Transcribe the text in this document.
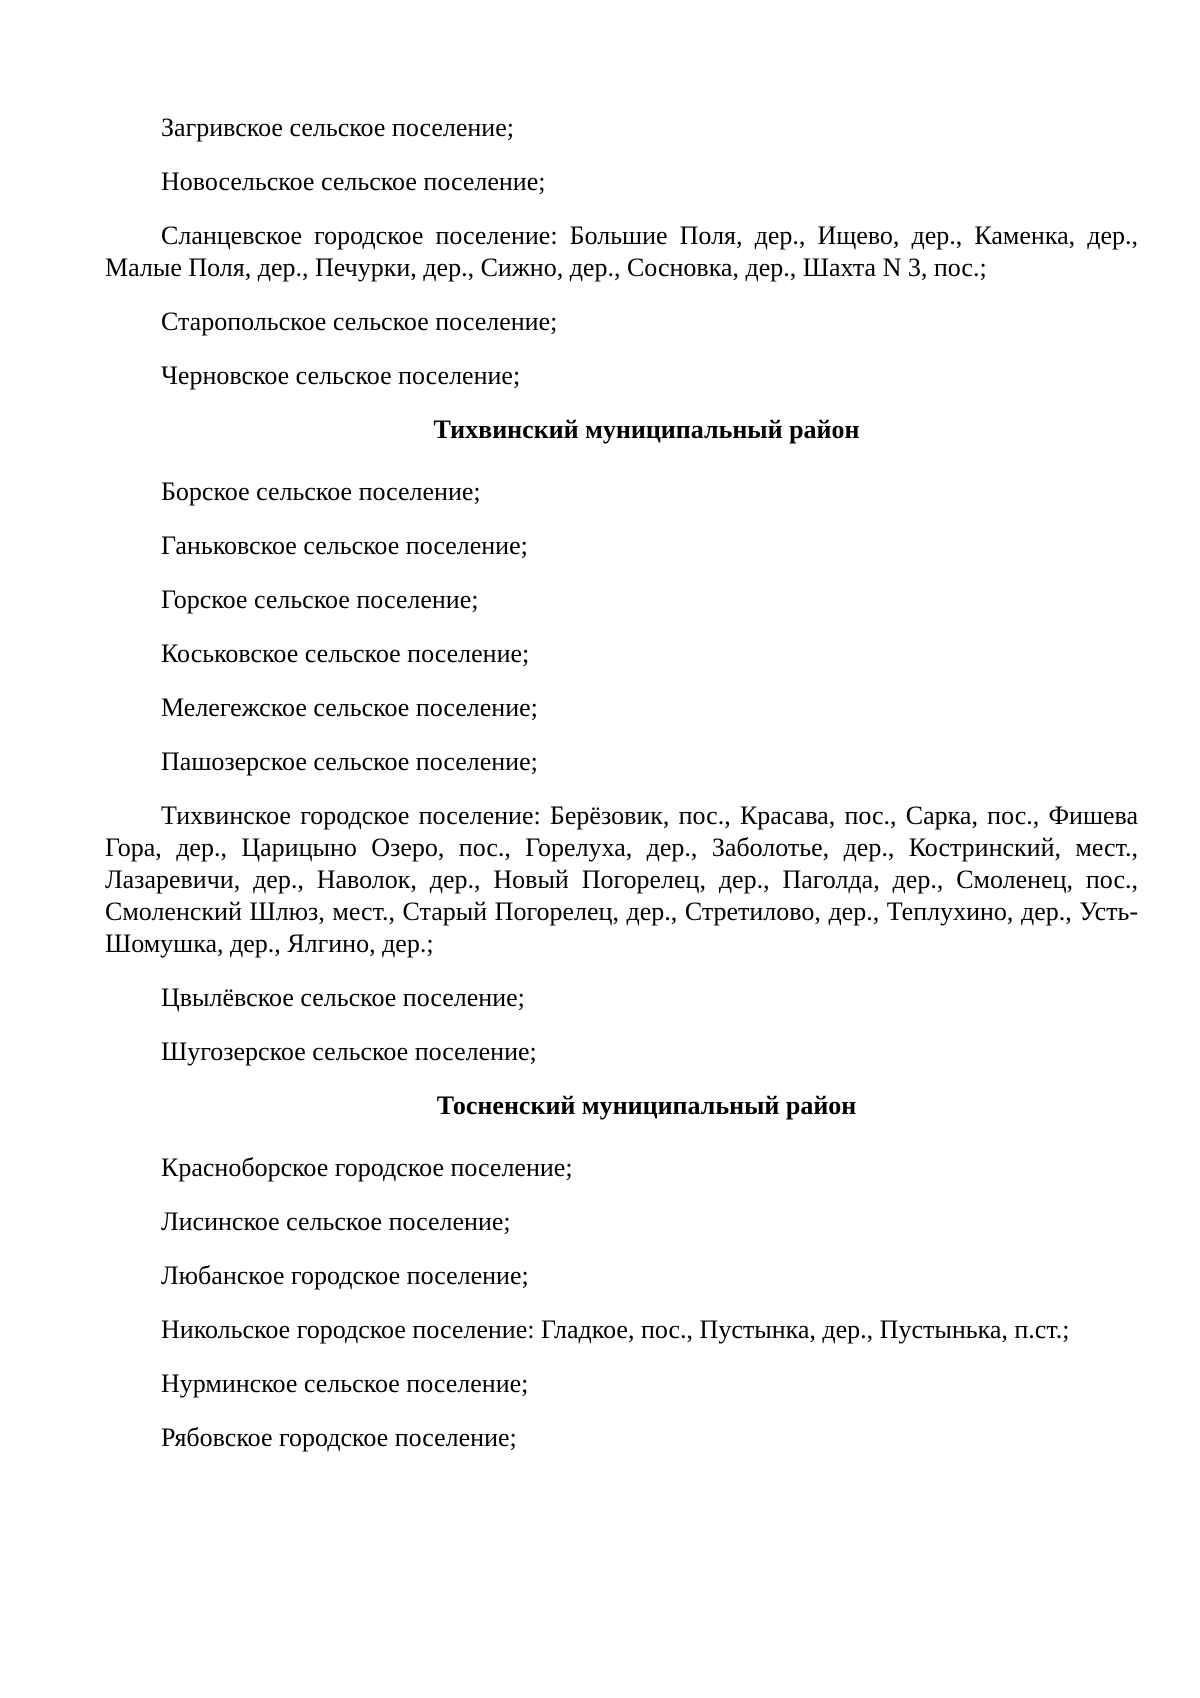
Загривское сельское поселение;

Новосельское сельское поселение;

Сланцевское городское поселение: Большие Поля, дер., Ищево, дер., Каменка, дер., Малые Поля, дер., Печурки, дер., Сижно, дер., Сосновка, дер., Шахта N 3, пос.;

Старопольское сельское поселение;

Черновское сельское поселение;

Тихвинский муниципальный район

Борское сельское поселение;

Ганьковское сельское поселение;

Горское сельское поселение;

Коськовское сельское поселение;

Мелегежское сельское поселение;

Пашозерское сельское поселение;

Тихвинское городское поселение: Берёзовик, пос., Красава, пос., Сарка, пос., Фишева Гора, дер., Царицыно Озеро, пос., Горелуха, дер., Заболотье, дер., Костринский, мест., Лазаревичи, дер., Наволок, дер., Новый Погорелец, дер., Паголда, дер., Смоленец, пос., Смоленский Шлюз, мест., Старый Погорелец, дер., Стретилово, дер., Теплухино, дер., Усть-Шомушка, дер., Ялгино, дер.;

Цвылёвское сельское поселение;

Шугозерское сельское поселение;

Тосненский муниципальный район

Красноборское городское поселение;

Лисинское сельское поселение;

Любанское городское поселение;

Никольское городское поселение: Гладкое, пос., Пустынка, дер., Пустынька, п.ст.;

Нурминское сельское поселение;

Рябовское городское поселение;
